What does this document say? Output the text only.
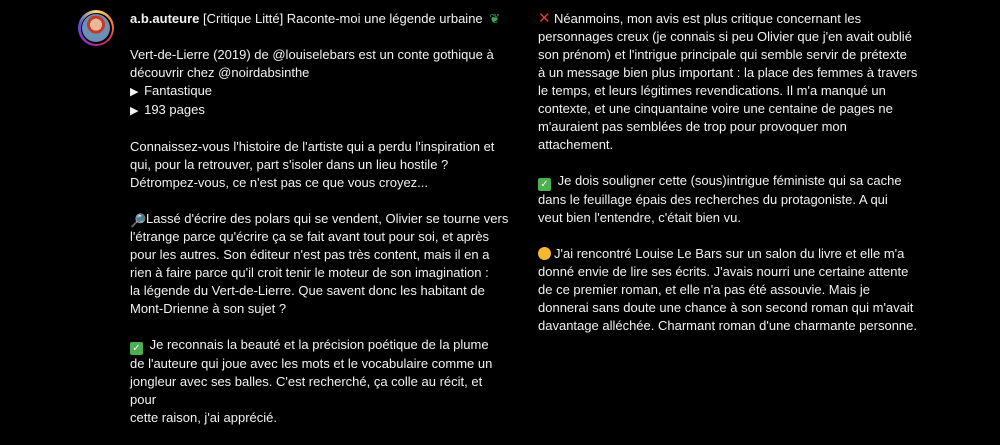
a.b.auteure [Critique Litté] Raconte-moi une légende urbaine ❦
Vert-de-Lierre (2019) de @louiselebars est un conte gothique à
découvrir chez @noirdabsinthe
▶ Fantastique
▶ 193 pages
Connaissez-vous l'histoire de l'artiste qui a perdu l'inspiration et
qui, pour la retrouver, part s'isoler dans un lieu hostile ?
Détrompez-vous, ce n'est pas ce que vous croyez...
🔎Lassé d'écrire des polars qui se vendent, Olivier se tourne vers
l'étrange parce qu'écrire ça se fait avant tout pour soi, et après
pour les autres. Son éditeur n'est pas très content, mais il en a
rien à faire parce qu'il croit tenir le moteur de son imagination :
la légende du Vert-de-Lierre. Que savent donc les habitant de
Mont-Drienne à son sujet ?
✓ Je reconnais la beauté et la précision poétique de la plume
de l'auteure qui joue avec les mots et le vocabulaire comme un
jongleur avec ses balles. C'est recherché, ça colle au récit, et pour
cette raison, j'ai apprécié.
✕ Néanmoins, mon avis est plus critique concernant les
personnages creux (je connais si peu Olivier que j'en avait oublié
son prénom) et l'intrigue principale qui semble servir de prétexte
à un message bien plus important : la place des femmes à travers
le temps, et leurs légitimes revendications. Il m'a manqué un
contexte, et une cinquantaine voire une centaine de pages ne
m'auraient pas semblées de trop pour provoquer mon
attachement.
✓ Je dois souligner cette (sous)intrigue féministe qui sa cache
dans le feuillage épais des recherches du protagoniste. A qui
veut bien l'entendre, c'était bien vu.
J'ai rencontré Louise Le Bars sur un salon du livre et elle m'a
donné envie de lire ses écrits. J'avais nourri une certaine attente
de ce premier roman, et elle n'a pas été assouvie. Mais je
donnerai sans doute une chance à son second roman qui m'avait
davantage alléchée. Charmant roman d'une charmante personne.
